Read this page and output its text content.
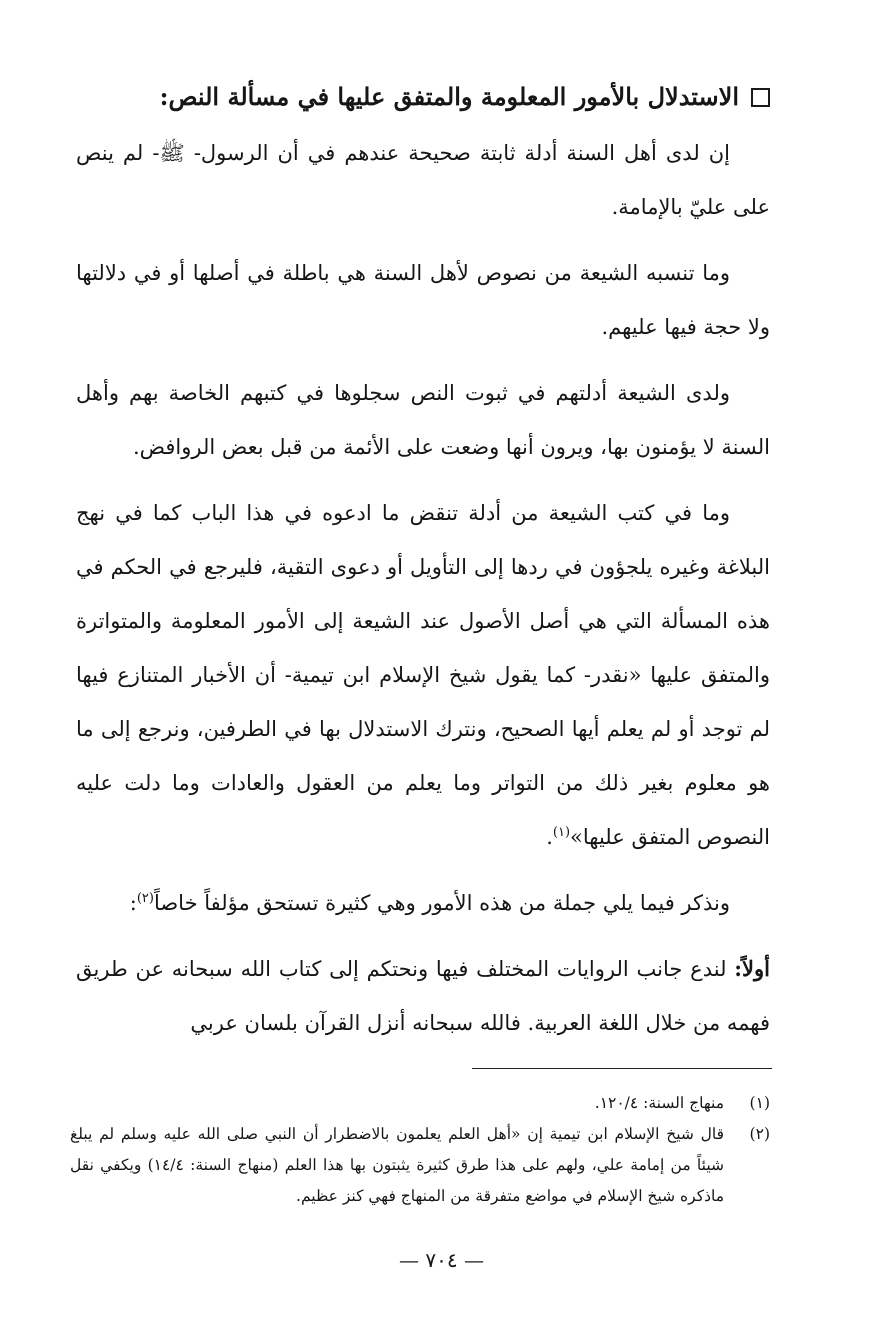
الاستدلال بالأمور المعلومة والمتفق عليها في مسألة النص:

إن لدى أهل السنة أدلة ثابتة صحيحة عندهم في أن الرسول- ﷺ- لم ينص على عليّ بالإمامة.

وما تنسبه الشيعة من نصوص لأهل السنة هي باطلة في أصلها أو في دلالتها ولا حجة فيها عليهم.

ولدى الشيعة أدلتهم في ثبوت النص سجلوها في كتبهم الخاصة بهم وأهل السنة لا يؤمنون بها، ويرون أنها وضعت على الأئمة من قبل بعض الروافض.

وما في كتب الشيعة من أدلة تنقض ما ادعوه في هذا الباب كما في نهج البلاغة وغيره يلجؤون في ردها إلى التأويل أو دعوى التقية، فليرجع في الحكم في هذه المسألة التي هي أصل الأصول عند الشيعة إلى الأمور المعلومة والمتواترة والمتفق عليها «نقدر- كما يقول شيخ الإسلام ابن تيمية- أن الأخبار المتنازع فيها لم توجد أو لم يعلم أيها الصحيح، ونترك الاستدلال بها في الطرفين، ونرجع إلى ما هو معلوم بغير ذلك من التواتر وما يعلم من العقول والعادات وما دلت عليه النصوص المتفق عليها»$^{(١)}$.

ونذكر فيما يلي جملة من هذه الأمور وهي كثيرة تستحق مؤلفاً خاصاً$^{(٢)}$:

أولاً: لندع جانب الروايات المختلف فيها ونحتكم إلى كتاب الله سبحانه عن طريق فهمه من خلال اللغة العربية. فالله سبحانه أنزل القرآن بلسان عربي

(١)
منهاج السنة: ١٢٠/٤.
(٢)
قال شيخ الإسلام ابن تيمية إن «أهل العلم يعلمون بالاضطرار أن النبي صلى الله عليه وسلم لم يبلغ شيئاً من إمامة علي، ولهم على هذا طرق كثيرة يثبتون بها هذا العلم (منهاج السنة: ١٤/٤) ويكفي نقل ماذكره شيخ الإسلام في مواضع متفرقة من المنهاج فهي كنز عظيم.
— ٧٠٤ —
